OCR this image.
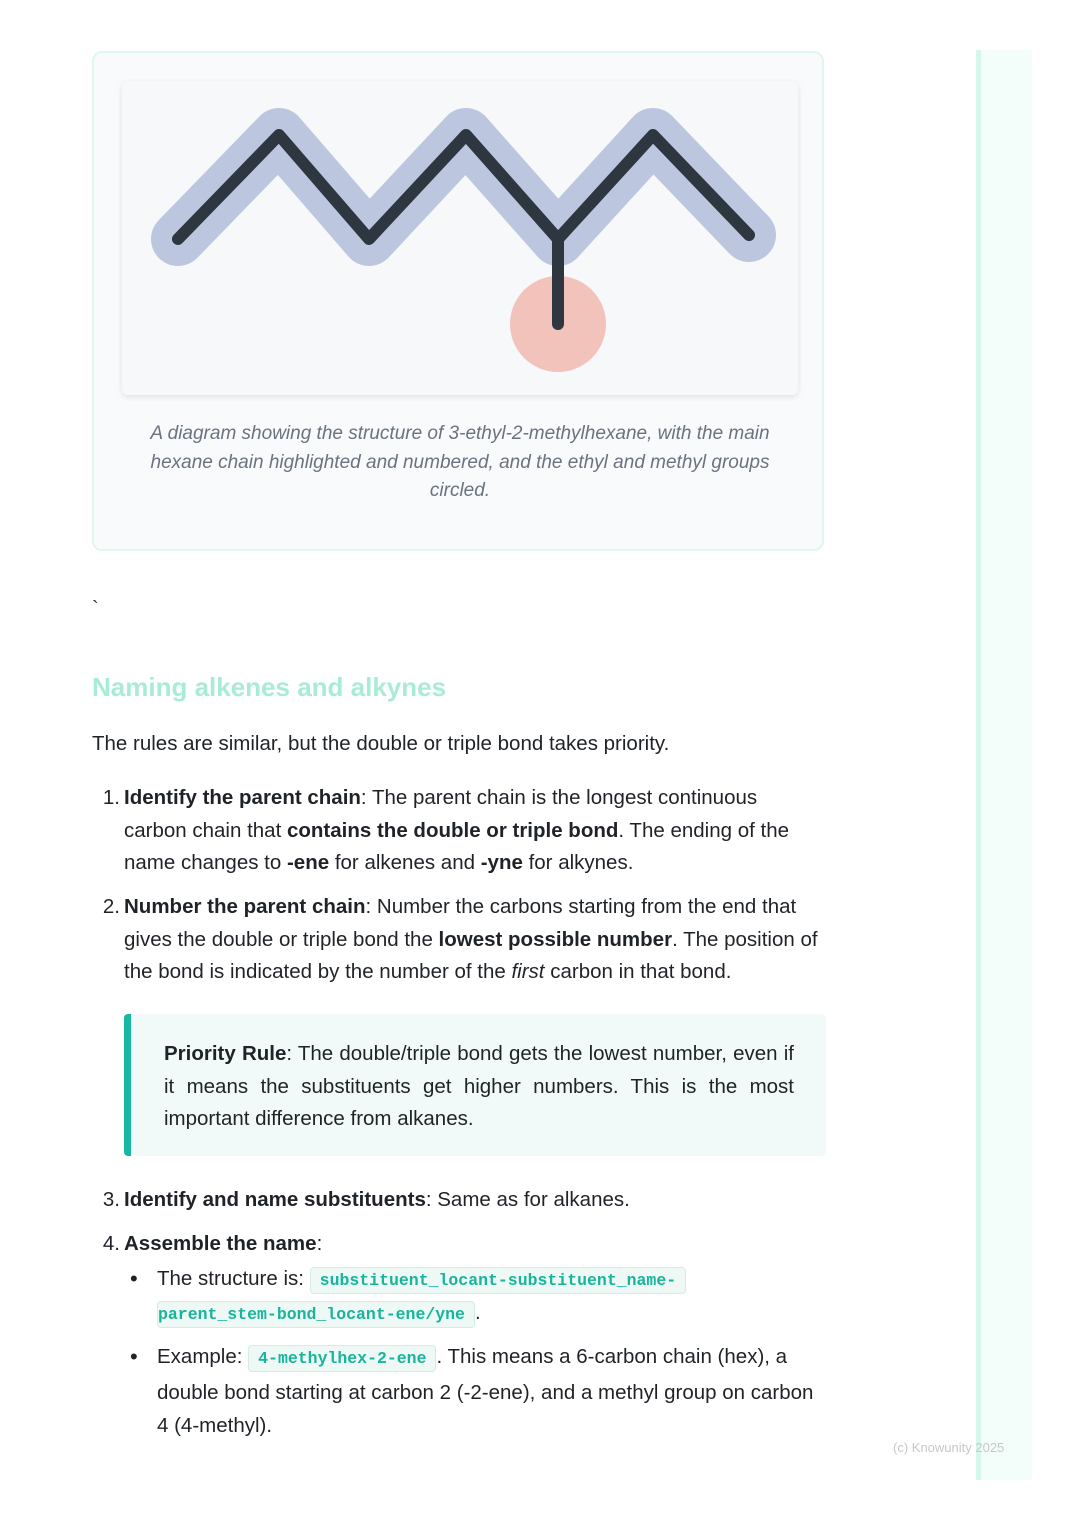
A diagram showing the structure of 3-ethyl-2-methylhexane, with the main hexane chain highlighted and numbered, and the ethyl and methyl groups circled.
`
Naming alkenes and alkynes

The rules are similar, but the double or triple bond takes priority.

1. Identify the parent chain: The parent chain is the longest continuous carbon chain that contains the double or triple bond. The ending of the name changes to -ene for alkenes and -yne for alkynes.

2. Number the parent chain: Number the carbons starting from the end that gives the double or triple bond the lowest possible number. The position of the bond is indicated by the number of the first carbon in that bond.

Priority Rule: The double/triple bond gets the lowest number, even if it means the substituents get higher numbers. This is the most important difference from alkanes.
3. Identify and name substituents: Same as for alkanes.

4. Assemble the name:

• The structure is: substituent_locant-substituent_name-
parent_stem-bond_locant-ene/yne .
• Example: 4-methylhex-2-ene . This means a 6-carbon chain (hex), a double bond starting at carbon 2 (-2-ene), and a methyl group on carbon 4 (4-methyl).

(c) Knowunity 2025
